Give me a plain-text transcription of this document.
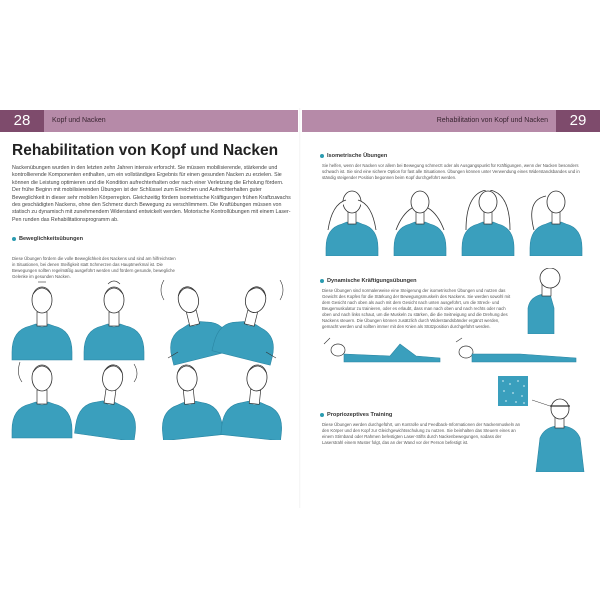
28	Kopf und Nacken	Rehabilitation von Kopf und Nacken	29
Rehabilitation von Kopf und Nacken
Nackenübungen wurden in den letzten zehn Jahren intensiv erforscht. Sie müssen mobilisierende, stärkende und kontrollierende Komponenten enthalten, um ein vollständiges Ergebnis für einen gesunden Nacken zu erzielen. Sie können die Leistung optimieren und die Kondition aufrechterhalten oder nach einer Verletzung die Erholung fördern. Der frühe Beginn mit mobilisierenden Übungen ist der Schlüssel zum Erreichen und Aufrechterhalten guter Beweglichkeit in dieser sehr mobilen Körperregion. Gleichzeitig fördern isometrische Kräftigungen frühen Kraftzuwachs des geschädigten Nackens, ohne den Schmerz durch Bewegung zu verschlimmern. Die Kraftübungen müssen von statisch zu dynamisch mit zunehmendem Widerstand entwickelt werden. Motorische Kontrollübungen mit einem Laser-Pen runden das Rehabilitationsprogramm ab.
Beweglichkeitsübungen
Diese Übungen fördern die volle Beweglichkeit des Nackens und sind am hilfreichsten in Situationen, bei denen Steifigkeit statt Schmerzen das Hauptmerkmal ist. Die Bewegungen sollten regelmäßig ausgeführt werden und fördern gesunde, bewegliche Gelenke im gesunden Nacken.
Isometrische Übungen
Sie helfen, wenn der Nacken vor allem bei Bewegung schmerzt oder als Ausgangspunkt für Kräftigungen, wenn der Nacken besonders schwach ist. Sie sind eine sichere Option für fast alle Situationen. Übungen können unter Verwendung eines Widerstandsbandes und in ständig steigender Position begonnen beim Kopf durchgeführt werden.
Dynamische Kräftigungsübungen
Diese Übungen sind normalerweise eine Steigerung der isometrischen Übungen und nutzen das Gewicht des Kopfes für die Stärkung der Bewegungsmuskeln des Nackens. Sie werden sowohl mit dem Gesicht nach oben als auch mit dem Gesicht nach unten ausgeführt, um die Streck- und Beugemuskulatur zu trainieren, oder es erlaubt, dass man nach oben und nach rechts oder nach oben und nach links schaut, um die Muskeln zu stärken, die die Seitneigung und die Drehung des Nackens steuern. Die Übungen können zusätzlich durch Widerstandsbänder ergänzt werden, gemacht werden und sollten immer mit den Knien als Stützposition durchgeführt werden.
Propriozeptives Training
Diese Übungen werden durchgeführt, um Kontrolle und Feedback-Informationen der Nackenmuskeln an den Körper und den Kopf zur Gleichgewichtsschulung zu nutzen. Sie beinhalten das Steuern eines an einem Stirnband oder Rahmen befestigten Laser-Stifts durch Nackenbewegungen, sodass der Laserstrahl einem Muster folgt, das an der Wand vor der Person befestigt ist.
